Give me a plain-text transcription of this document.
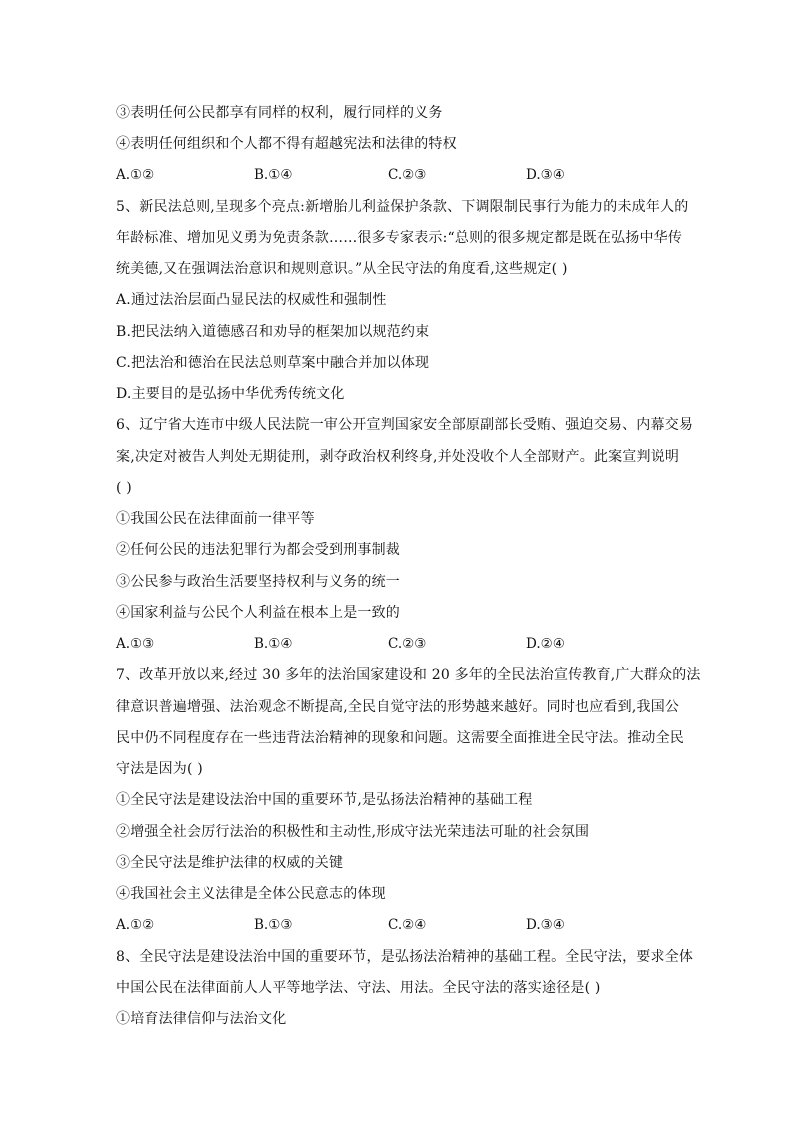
③表明任何公民都享有同样的权利，履行同样的义务
④表明任何组织和个人都不得有超越宪法和法律的特权
A.①②	B.①④	C.②③	D.③④
5、新民法总则,呈现多个亮点:新增胎儿利益保护条款、下调限制民事行为能力的未成年人的
年龄标准、增加见义勇为免责条款……很多专家表示:“总则的很多规定都是既在弘扬中华传
统美德,又在强调法治意识和规则意识。”从全民守法的角度看,这些规定( )
A.通过法治层面凸显民法的权威性和强制性
B.把民法纳入道德感召和劝导的框架加以规范约束
C.把法治和德治在民法总则草案中融合并加以体现
D.主要目的是弘扬中华优秀传统文化
6、辽宁省大连市中级人民法院一审公开宣判国家安全部原副部长受贿、强迫交易、内幕交易
案,决定对被告人判处无期徒刑，剥夺政治权利终身,并处没收个人全部财产。此案宣判说明
( )
①我国公民在法律面前一律平等
②任何公民的违法犯罪行为都会受到刑事制裁
③公民参与政治生活要坚持权利与义务的统一
④国家利益与公民个人利益在根本上是一致的
A.①③	B.①④	C.②③	D.②④
7、改革开放以来,经过 30 多年的法治国家建设和 20 多年的全民法治宣传教育,广大群众的法
律意识普遍增强、法治观念不断提高,全民自觉守法的形势越来越好。同时也应看到,我国公
民中仍不同程度存在一些违背法治精神的现象和问题。这需要全面推进全民守法。推动全民
守法是因为( )
①全民守法是建设法治中国的重要环节,是弘扬法治精神的基础工程
②增强全社会厉行法治的积极性和主动性,形成守法光荣违法可耻的社会氛围
③全民守法是维护法律的权威的关键
④我国社会主义法律是全体公民意志的体现
A.①②	B.①③	C.②④	D.③④
8、全民守法是建设法治中国的重要环节，是弘扬法治精神的基础工程。全民守法，要求全体
中国公民在法律面前人人平等地学法、守法、用法。全民守法的落实途径是( )
①培育法律信仰与法治文化
